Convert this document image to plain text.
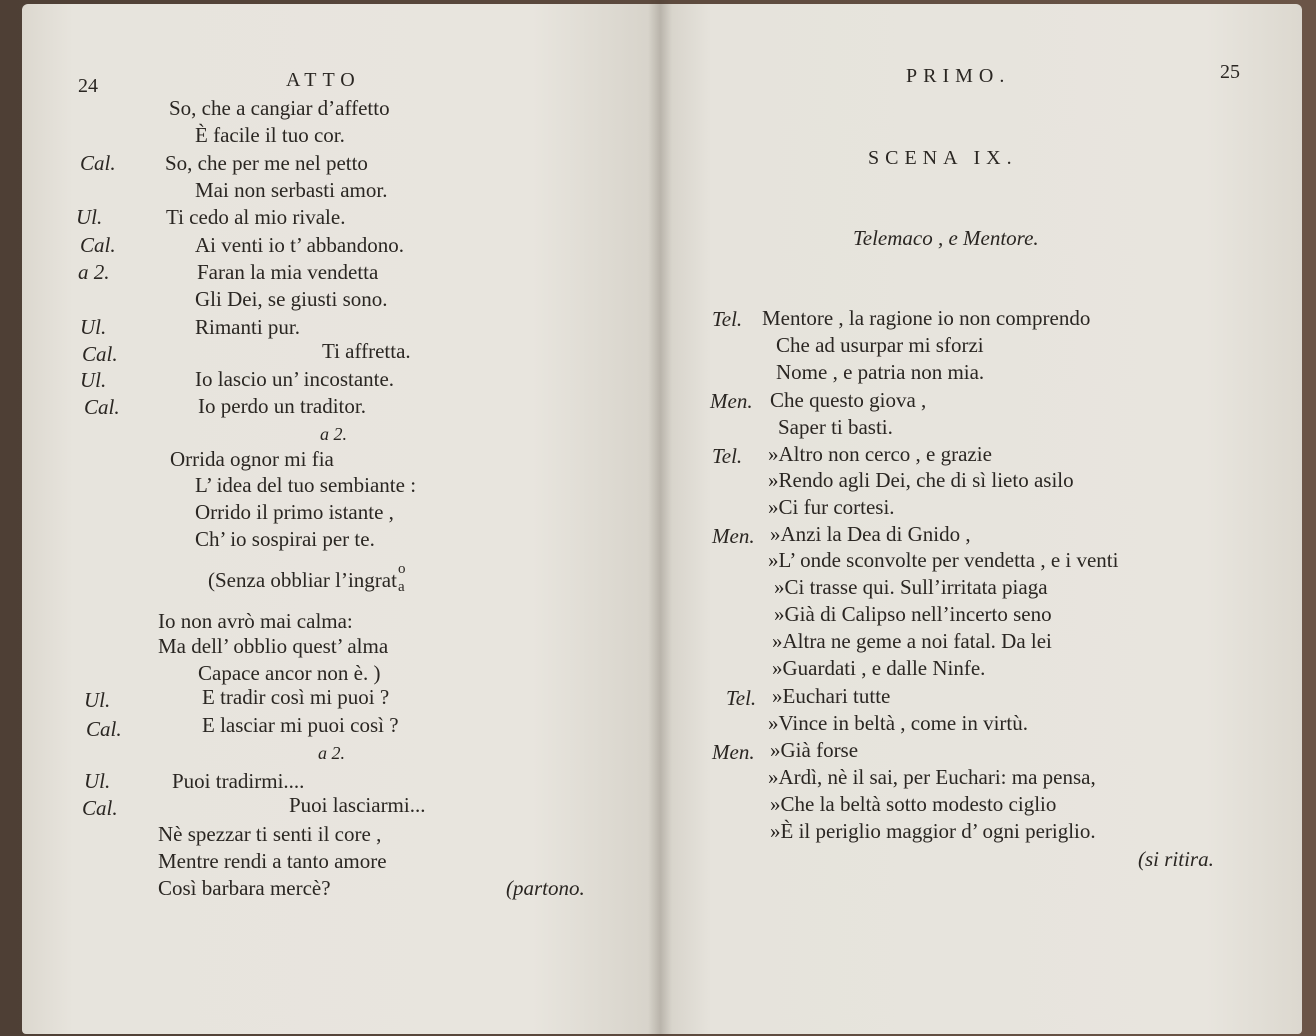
24	ATTO
So, che a cangiar d’affetto
È facile il tuo cor.
Cal. So, che per me nel petto
Mai non serbasti amor.
Ul.	Ti cedo al mio rivale.
Cal.	Ai venti io t’ abbandono.
a 2.	Faran la mia vendetta
Gli Dei, se giusti sono.
Ul.	Rimanti pur.
Cal.	Ti affretta.
Ul.	Io lascio un’ incostante.
Cal.	Io perdo un traditor.
a 2.
Orrida ognor mi fia
L’ idea del tuo sembiante :
Orrido il primo istante ,
Ch’ io sospirai per te.
(Senza obbliar l’ingrat o
a
Io non avrò mai calma:
Ma dell’ obblio quest’ alma
Capace ancor non è. )
Ul.	E tradir così mi puoi ?
Cal.	E lasciar mi puoi così ?
a 2.
Ul.	Puoi tradirmi....
Cal.	Puoi lasciarmi...
Nè spezzar ti senti il core ,
Mentre rendi a tanto amore
Così barbara mercè?	(partono.
PRIMO.	25
SCENA IX.
Telemaco , e Mentore.
Tel. Mentore , la ragione io non comprendo
Che ad usurpar mi sforzi
Nome , e patria non mia.
Men. Che questo giova ,
Saper ti basti.
Tel. »Altro non cerco , e grazie
»Rendo agli Dei, che di sì lieto asilo
»Ci fur cortesi.
Men. »Anzi la Dea di Gnido ,
»L’ onde sconvolte per vendetta , e i venti
»Ci trasse qui. Sull’irritata piaga
»Già di Calipso nell’incerto seno
»Altra ne geme a noi fatal. Da lei
»Guardati , e dalle Ninfe.
Tel. »Euchari tutte
»Vince in beltà , come in virtù.
Men. »Già forse
»Ardì, nè il sai, per Euchari: ma pensa,
»Che la beltà sotto modesto ciglio
»È il periglio maggior d’ ogni periglio.
(si ritira.
